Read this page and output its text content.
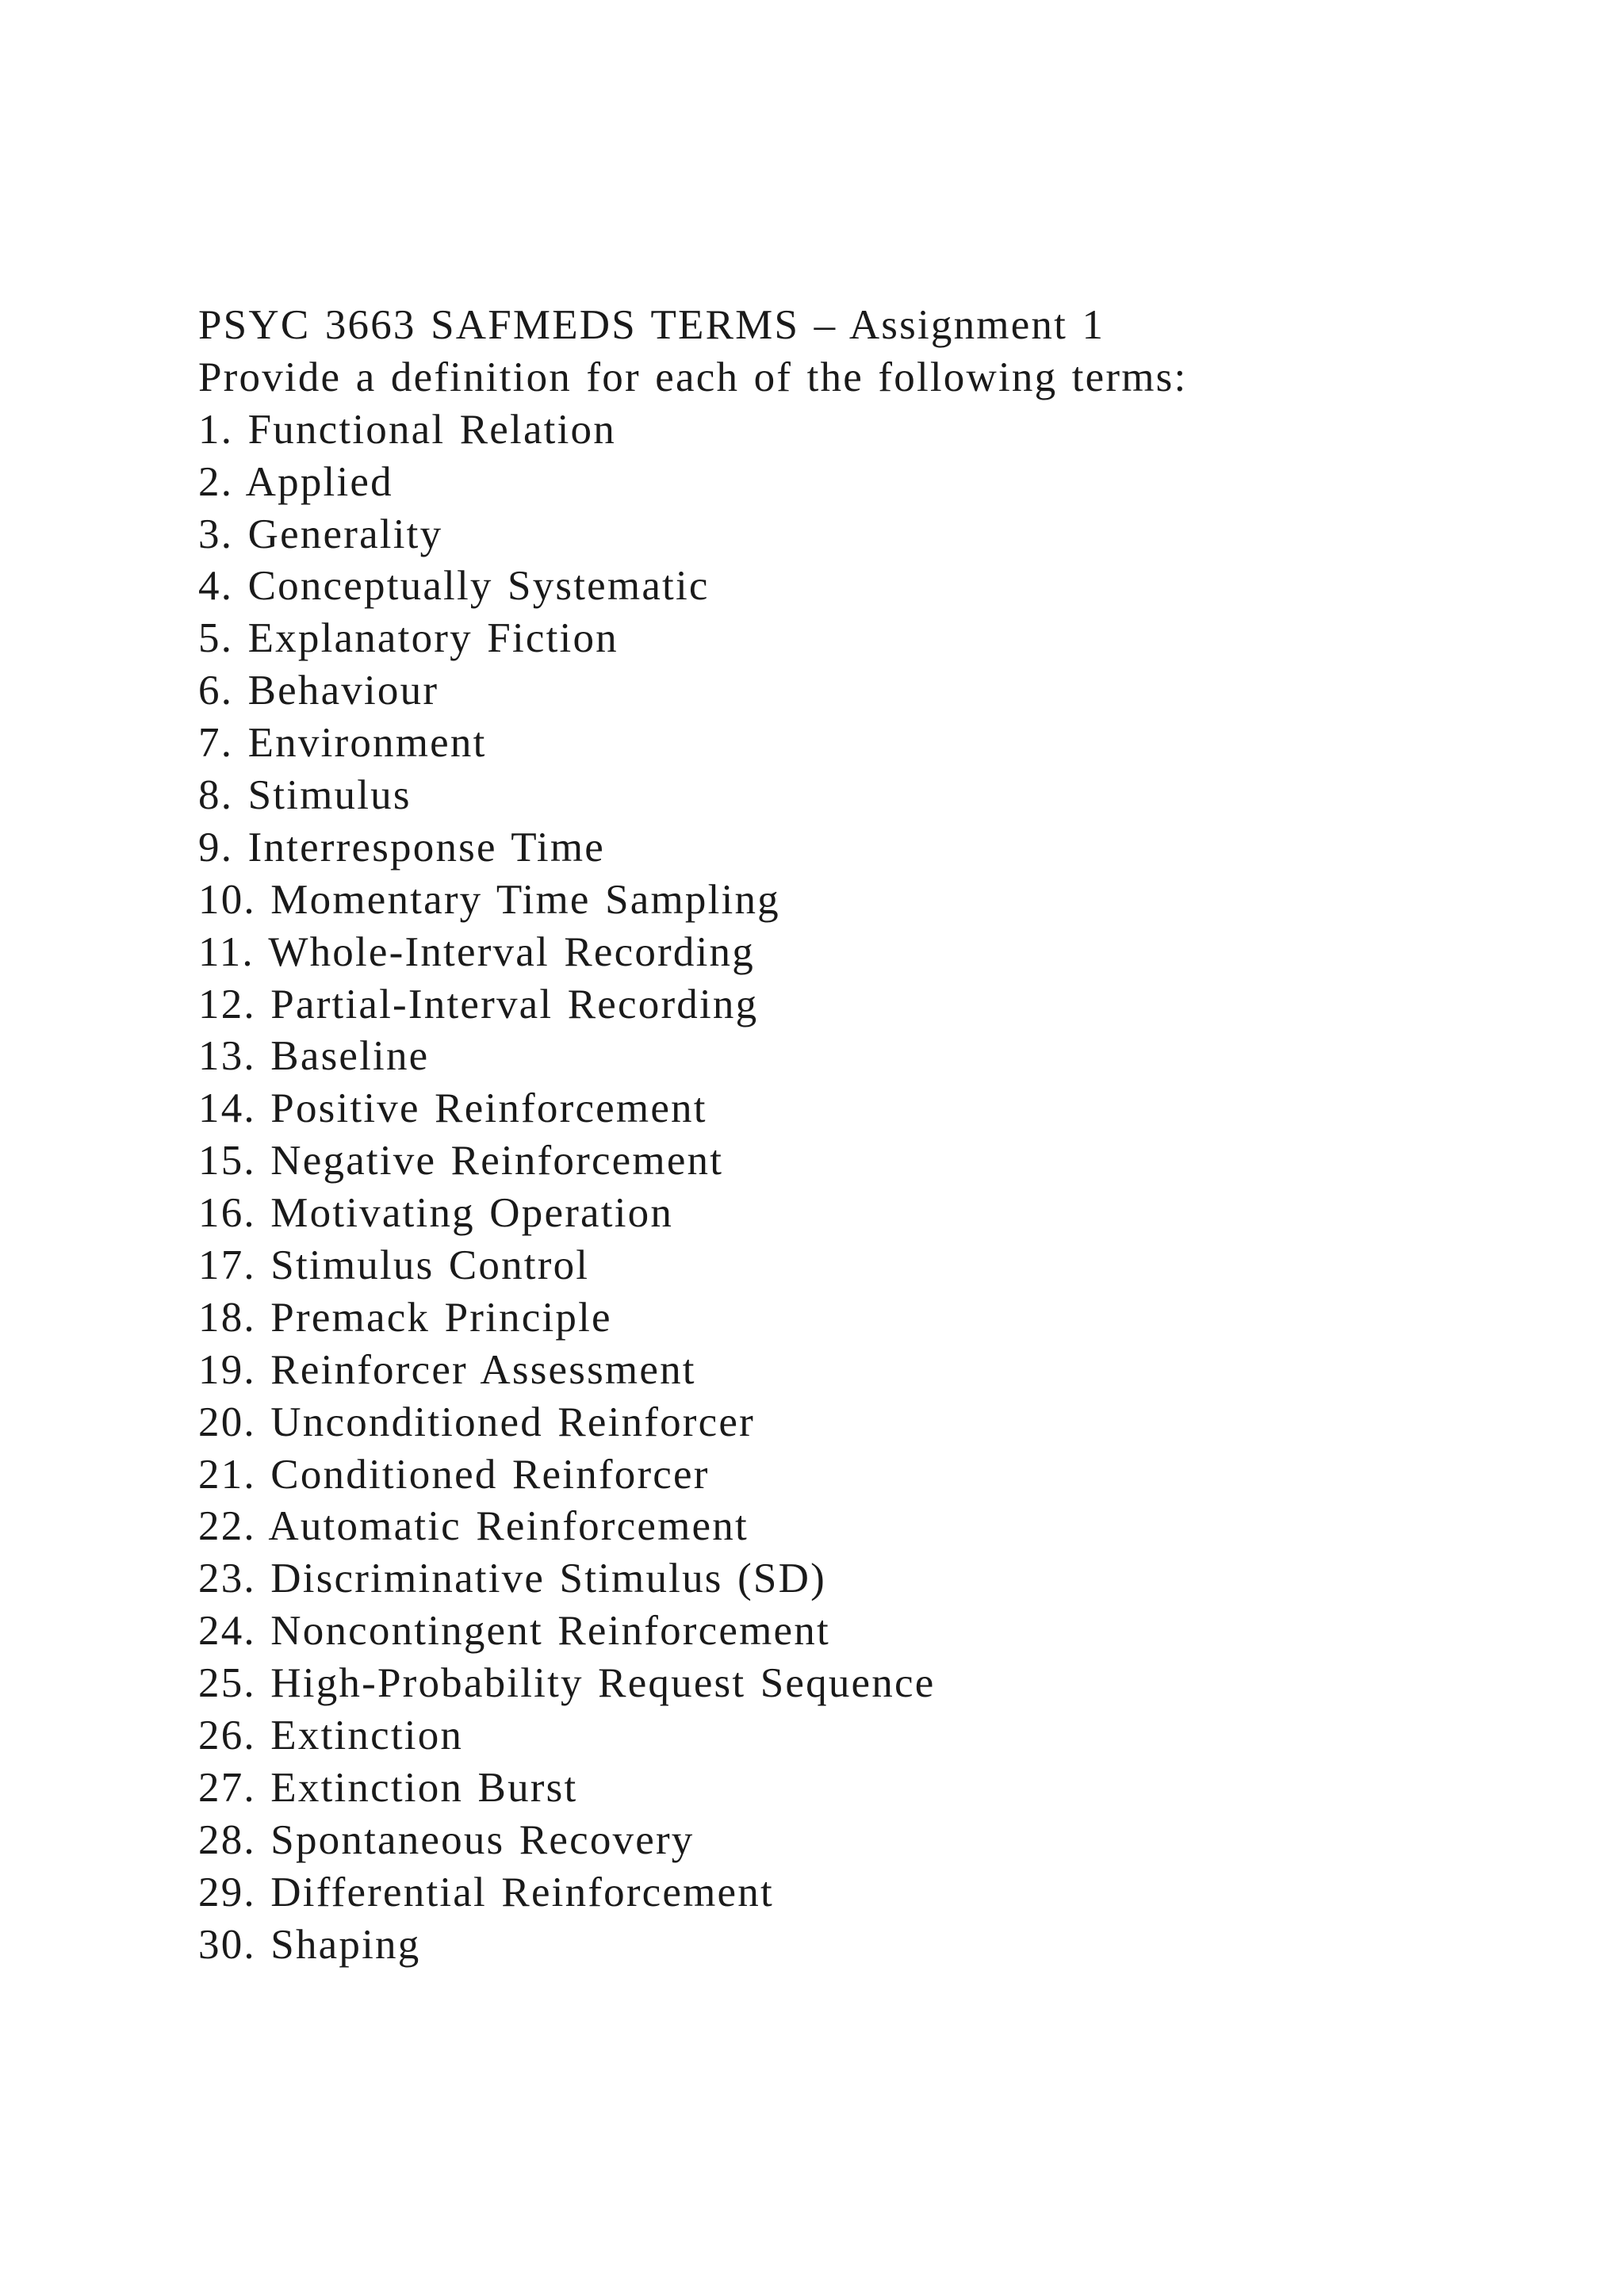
PSYC 3663 SAFMEDS TERMS – Assignment 1
Provide a definition for each of the following terms:
1. Functional Relation
2. Applied
3. Generality
4. Conceptually Systematic
5. Explanatory Fiction
6. Behaviour
7. Environment
8. Stimulus
9. Interresponse Time
10. Momentary Time Sampling
11. Whole-Interval Recording
12. Partial-Interval Recording
13. Baseline
14. Positive Reinforcement
15. Negative Reinforcement
16. Motivating Operation
17. Stimulus Control
18. Premack Principle
19. Reinforcer Assessment
20. Unconditioned Reinforcer
21. Conditioned Reinforcer
22. Automatic Reinforcement
23. Discriminative Stimulus (SD)
24. Noncontingent Reinforcement
25. High-Probability Request Sequence
26. Extinction
27. Extinction Burst
28. Spontaneous Recovery
29. Differential Reinforcement
30. Shaping
